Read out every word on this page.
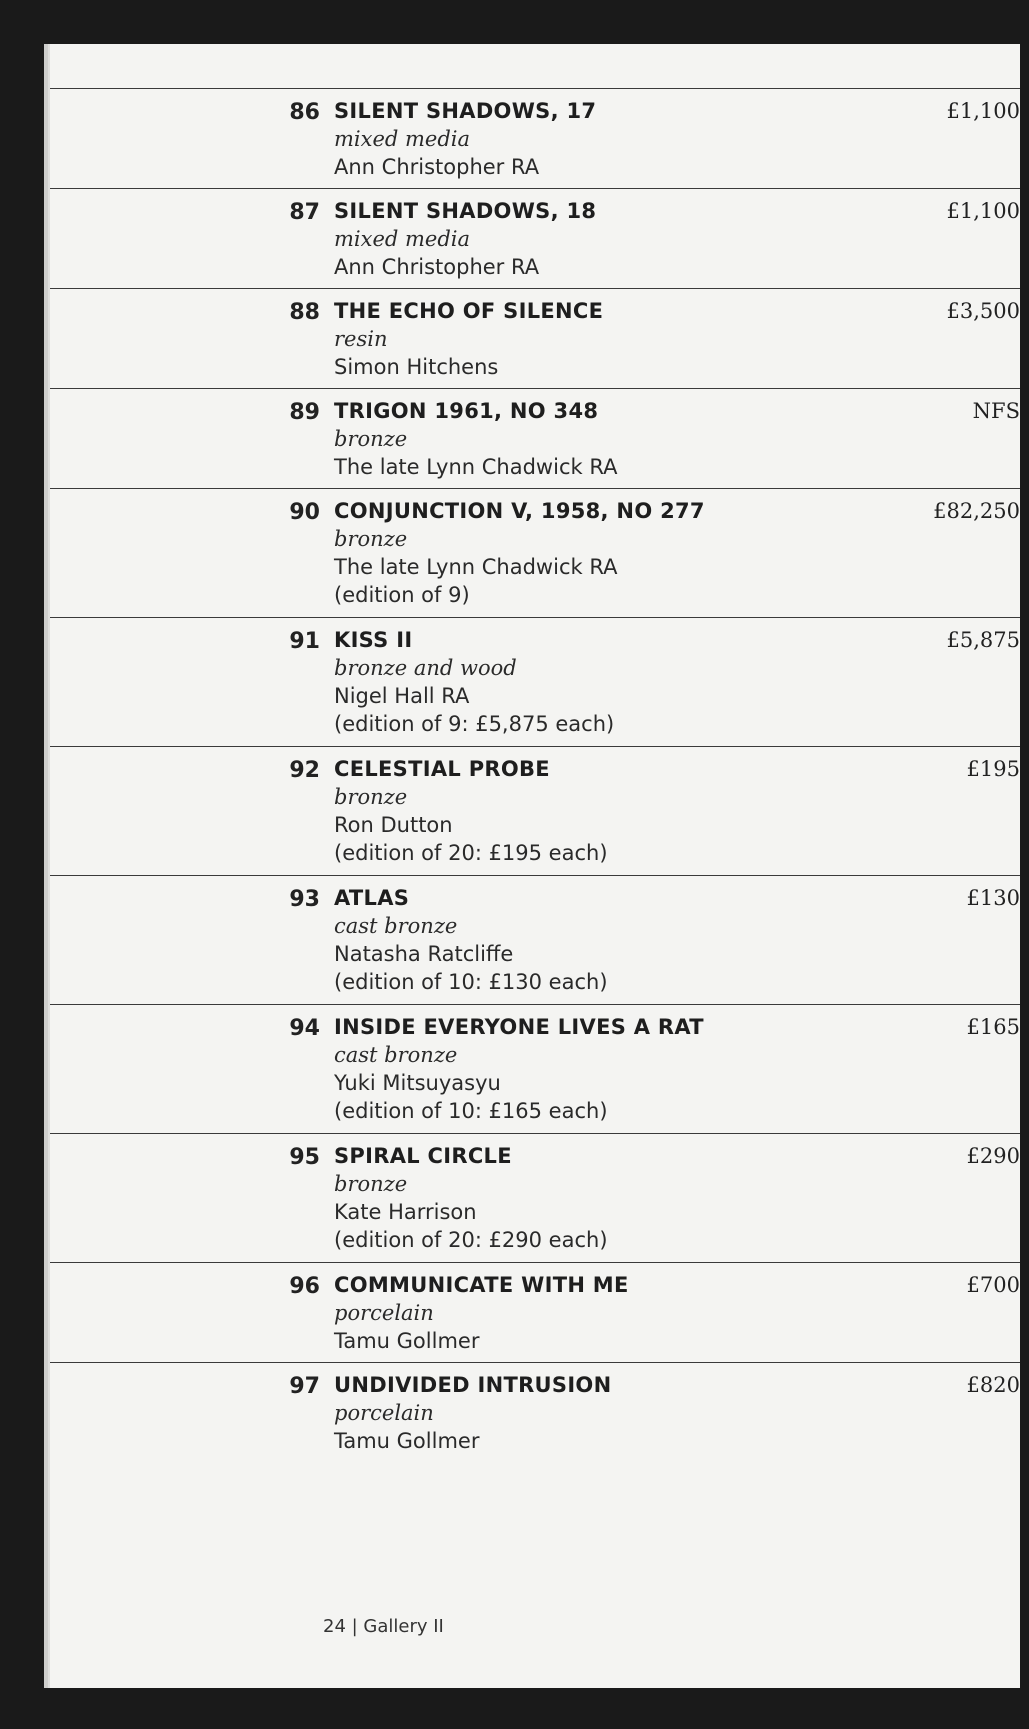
86 SILENT SHADOWS, 17
mixed media
Ann Christopher RA
£1,100
87 SILENT SHADOWS, 18
mixed media
Ann Christopher RA
£1,100
88 THE ECHO OF SILENCE
resin
Simon Hitchens
£3,500
89 TRIGON 1961, NO 348
bronze
The late Lynn Chadwick RA
NFS
90 CONJUNCTION V, 1958, NO 277
bronze
The late Lynn Chadwick RA
(edition of 9)
£82,250
91 KISS II
bronze and wood
Nigel Hall RA
(edition of 9: £5,875 each)
£5,875
92 CELESTIAL PROBE
bronze
Ron Dutton
(edition of 20: £195 each)
£195
93 ATLAS
cast bronze
Natasha Ratcliffe
(edition of 10: £130 each)
£130
94 INSIDE EVERYONE LIVES A RAT
cast bronze
Yuki Mitsuyasyu
(edition of 10: £165 each)
£165
95 SPIRAL CIRCLE
bronze
Kate Harrison
(edition of 20: £290 each)
£290
96 COMMUNICATE WITH ME
porcelain
Tamu Gollmer
£700
97 UNDIVIDED INTRUSION
porcelain
Tamu Gollmer
£820
24 | Gallery II
